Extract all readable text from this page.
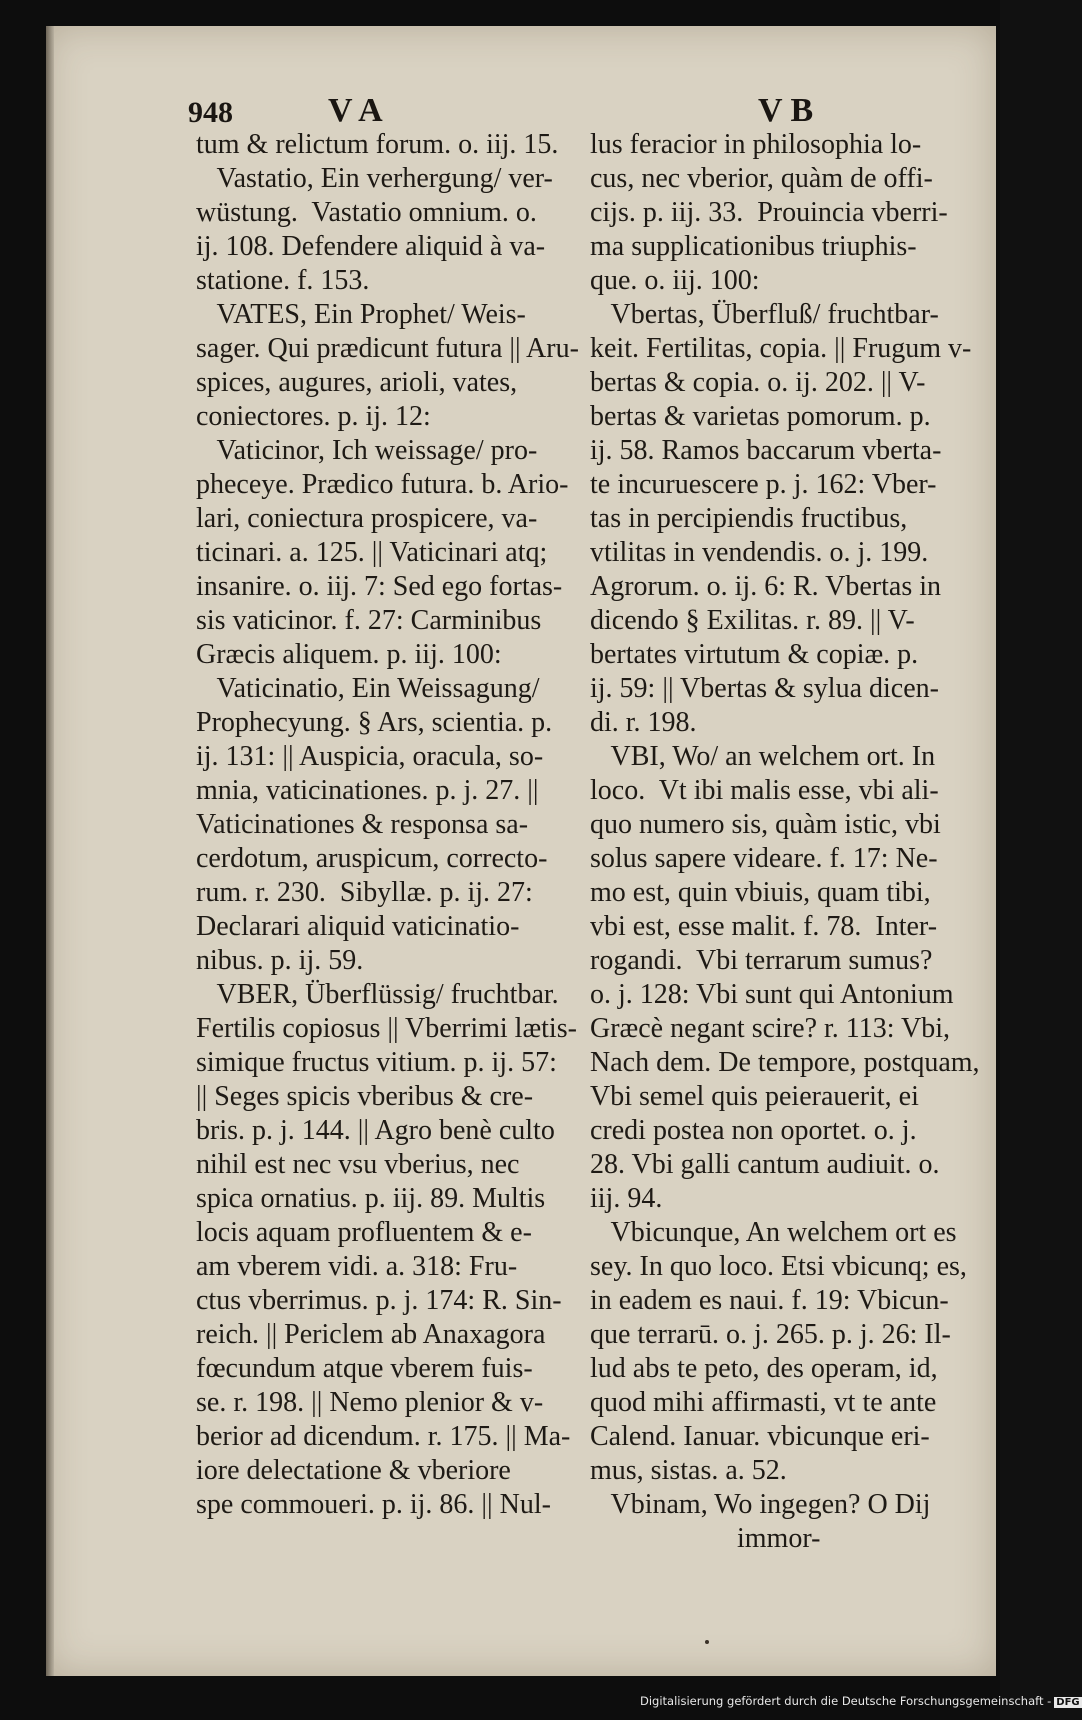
948	VA	VB
tum & relictum forum. o. iij. 15.
Vastatio, Ein verhergung/ ver-
wüstung.  Vastatio omnium. o.
ij. 108. Defendere aliquid à va-
statione. f. 153.
VATES, Ein Prophet/ Weis-
sager. Qui prædicunt futura || Aru-
spices, augures, arioli, vates,
coniectores. p. ij. 12:
Vaticinor, Ich weissage/ pro-
pheceye. Prædico futura. b. Ario-
lari, coniectura prospicere, va-
ticinari. a. 125. || Vaticinari atq;
insanire. o. iij. 7: Sed ego fortas-
sis vaticinor. f. 27: Carminibus
Græcis aliquem. p. iij. 100:
Vaticinatio, Ein Weissagung/
Prophecyung. § Ars, scientia. p.
ij. 131: || Auspicia, oracula, so-
mnia, vaticinationes. p. j. 27. ||
Vaticinationes & responsa sa-
cerdotum, aruspicum, correcto-
rum. r. 230.  Sibyllæ. p. ij. 27:
Declarari aliquid vaticinatio-
nibus. p. ij. 59.
VBER, Überflüssig/ fruchtbar.
Fertilis copiosus || Vberrimi lætis-
simique fructus vitium. p. ij. 57:
|| Seges spicis vberibus & cre-
bris. p. j. 144. || Agro benè culto
nihil est nec vsu vberius, nec
spica ornatius. p. iij. 89. Multis
locis aquam profluentem & e-
am vberem vidi. a. 318: Fru-
ctus vberrimus. p. j. 174: R. Sin-
reich. || Periclem ab Anaxagora
fœcundum atque vberem fuis-
se. r. 198. || Nemo plenior & v-
berior ad dicendum. r. 175. || Ma-
iore delectatione & vberiore
spe commoueri. p. ij. 86. || Nul-
lus feracior in philosophia lo-
cus, nec vberior, quàm de offi-
cijs. p. iij. 33.  Prouincia vberri-
ma supplicationibus triuphis-
que. o. iij. 100:
Vbertas, Überfluß/ fruchtbar-
keit. Fertilitas, copia. || Frugum v-
bertas & copia. o. ij. 202. || V-
bertas & varietas pomorum. p.
ij. 58. Ramos baccarum vberta-
te incuruescere p. j. 162: Vber-
tas in percipiendis fructibus,
vtilitas in vendendis. o. j. 199.
Agrorum. o. ij. 6: R. Vbertas in
dicendo § Exilitas. r. 89. || V-
bertates virtutum & copiæ. p.
ij. 59: || Vbertas & sylua dicen-
di. r. 198.
VBI, Wo/ an welchem ort. In
loco.  Vt ibi malis esse, vbi ali-
quo numero sis, quàm istic, vbi
solus sapere videare. f. 17: Ne-
mo est, quin vbiuis, quam tibi,
vbi est, esse malit. f. 78.  Inter-
rogandi.  Vbi terrarum sumus?
o. j. 128: Vbi sunt qui Antonium
Græcè negant scire? r. 113: Vbi,
Nach dem. De tempore, postquam,
Vbi semel quis peierauerit, ei
credi postea non oportet. o. j.
28. Vbi galli cantum audiuit. o.
iij. 94.
Vbicunque, An welchem ort es
sey. In quo loco. Etsi vbicunq; es,
in eadem es naui. f. 19: Vbicun-
que terrarū. o. j. 265. p. j. 26: Il-
lud abs te peto, des operam, id,
quod mihi affirmasti, vt te ante
Calend. Ianuar. vbicunque eri-
mus, sistas. a. 52.
Vbinam, Wo ingegen? O Dij
immor-
Digitalisierung gefördert durch die Deutsche Forschungsgemeinschaft - DFG
